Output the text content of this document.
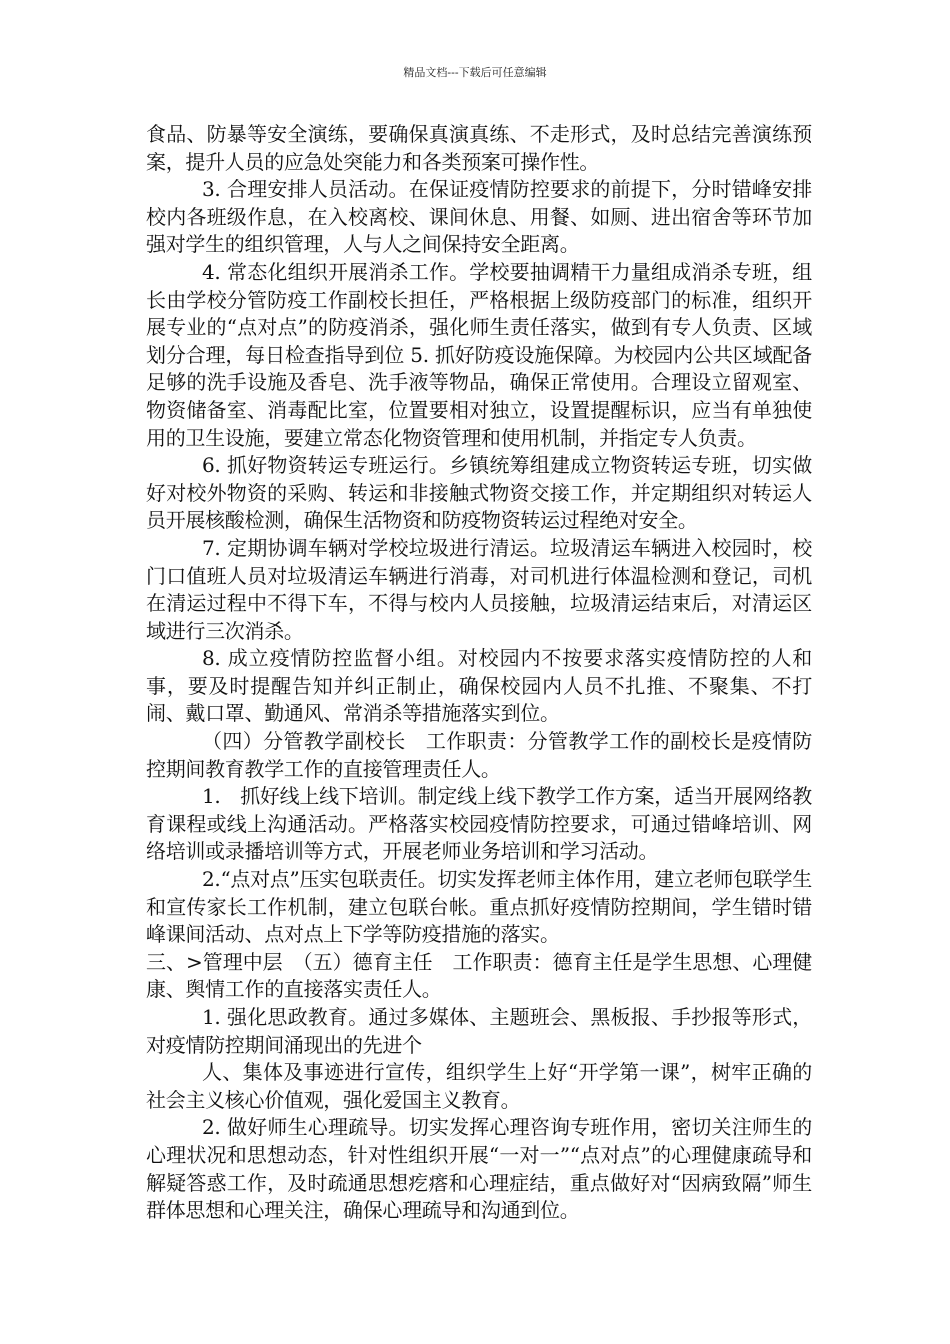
精品文档---下载后可任意编辑

食品、防暴等安全演练，要确保真演真练、不走形式，及时总结完善演练预案，提升人员的应急处突能力和各类预案可操作性。

3. 合理安排人员活动。在保证疫情防控要求的前提下，分时错峰安排校内各班级作息，在入校离校、课间休息、用餐、如厕、进出宿舍等环节加强对学生的组织管理，人与人之间保持安全距离。

4. 常态化组织开展消杀工作。学校要抽调精干力量组成消杀专班，组长由学校分管防疫工作副校长担任，严格根据上级防疫部门的标准，组织开展专业的“点对点”的防疫消杀，强化师生责任落实，做到有专人负责、区域划分合理，每日检查指导到位 5. 抓好防疫设施保障。为校园内公共区域配备足够的洗手设施及香皂、洗手液等物品，确保正常使用。合理设立留观室、物资储备室、消毒配比室，位置要相对独立，设置提醒标识，应当有单独使用的卫生设施，要建立常态化物资管理和使用机制，并指定专人负责。

6. 抓好物资转运专班运行。乡镇统筹组建成立物资转运专班，切实做好对校外物资的采购、转运和非接触式物资交接工作，并定期组织对转运人员开展核酸检测，确保生活物资和防疫物资转运过程绝对安全。

7. 定期协调车辆对学校垃圾进行清运。垃圾清运车辆进入校园时，校门口值班人员对垃圾清运车辆进行消毒，对司机进行体温检测和登记，司机在清运过程中不得下车，不得与校内人员接触，垃圾清运结束后，对清运区域进行三次消杀。

8. 成立疫情防控监督小组。对校园内不按要求落实疫情防控的人和事，要及时提醒告知并纠正制止，确保校园内人员不扎推、不聚集、不打闹、戴口罩、勤通风、常消杀等措施落实到位。

（四）分管教学副校长　工作职责：分管教学工作的副校长是疫情防控期间教育教学工作的直接管理责任人。

1.　抓好线上线下培训。制定线上线下教学工作方案，适当开展网络教育课程或线上沟通活动。严格落实校园疫情防控要求，可通过错峰培训、网络培训或录播培训等方式，开展老师业务培训和学习活动。

2.“点对点”压实包联责任。切实发挥老师主体作用，建立老师包联学生和宣传家长工作机制，建立包联台帐。重点抓好疫情防控期间，学生错时错峰课间活动、点对点上下学等防疫措施的落实。

三、>管理中层　（五）德育主任　工作职责：德育主任是学生思想、心理健康、舆情工作的直接落实责任人。

1. 强化思政教育。通过多媒体、主题班会、黑板报、手抄报等形式，对疫情防控期间涌现出的先进个

人、集体及事迹进行宣传，组织学生上好“开学第一课”，树牢正确的社会主义核心价值观，强化爱国主义教育。

2. 做好师生心理疏导。切实发挥心理咨询专班作用，密切关注师生的心理状况和思想动态，针对性组织开展“一对一”“点对点”的心理健康疏导和解疑答惑工作，及时疏通思想疙瘩和心理症结，重点做好对“因病致隔”师生群体思想和心理关注，确保心理疏导和沟通到位。
